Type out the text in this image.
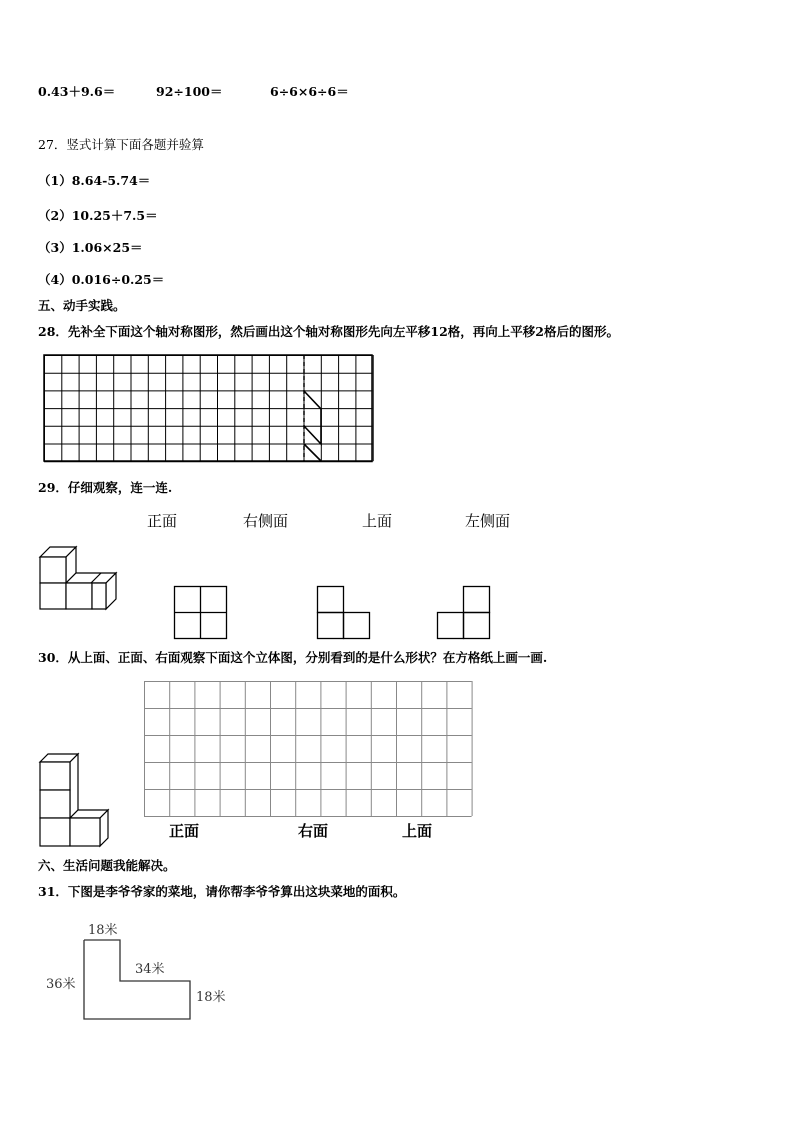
0.43＋9.6＝	92÷100＝	6÷6×6÷6＝
27．竖式计算下面各题并验算
（1）8.64-5.74＝
（2）10.25＋7.5＝
（3）1.06×25＝
（4）0.016÷0.25＝
五、动手实践。
28．先补全下面这个轴对称图形，然后画出这个轴对称图形先向左平移12格，再向上平移2格后的图形。
29．仔细观察，连一连.
正面	右侧面	上面	左侧面
30．从上面、正面、右面观察下面这个立体图，分别看到的是什么形状？在方格纸上画一画.
正面	右面	上面
六、生活问题我能解决。
31．下图是李爷爷家的菜地，请你帮李爷爷算出这块菜地的面积。
18米
34米
36米
18米
